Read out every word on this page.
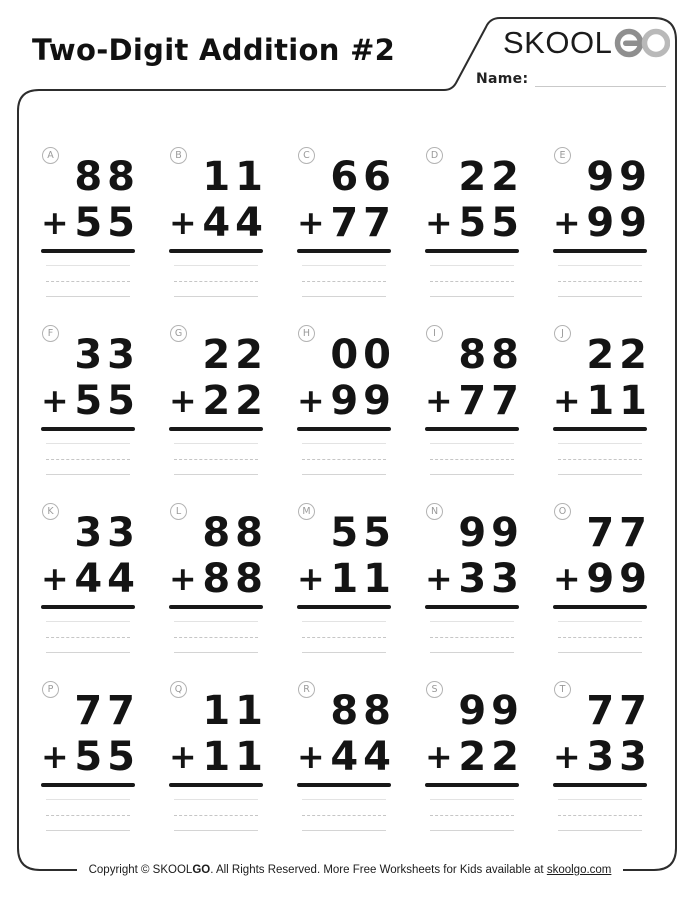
Two-Digit Addition #2	SKOOL
Name:
A 88
+ 55
B 11
+ 44
C 66
+ 77
D 22
+ 55
E 99
+ 99
F 33
+ 55
G 22
+ 22
H 00
+ 99
I 88
+ 77
J 22
+ 11
K 33
+ 44
L 88
+ 88
M 55
+ 11
N 99
+ 33
O 77
+ 99
P 77
+ 55
Q 11
+ 11
R 88
+ 44
S 99
+ 22
T 77
+ 33
Copyright © SKOOLGO. All Rights Reserved. More Free Worksheets for Kids available at skoolgo.com
